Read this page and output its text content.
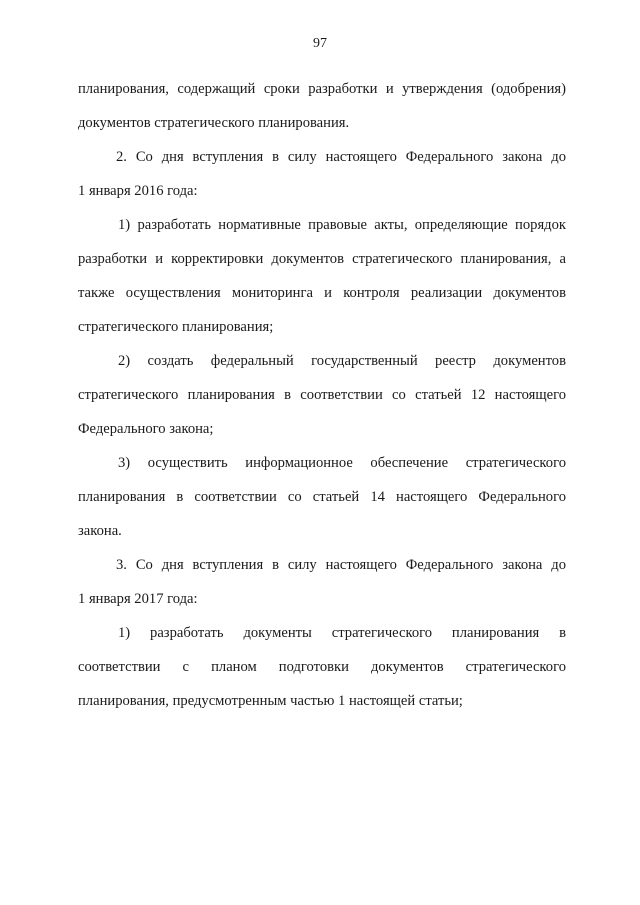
97
планирования, содержащий сроки разработки и утверждения (одобрения)
документов стратегического планирования.
2. Со дня вступления в силу настоящего Федерального закона до
1 января 2016 года:
1) разработать нормативные правовые акты, определяющие порядок
разработки и корректировки документов стратегического планирования, а
также осуществления мониторинга и контроля реализации документов
стратегического планирования;
2) создать федеральный государственный реестр документов
стратегического планирования в соответствии со статьей 12 настоящего
Федерального закона;
3) осуществить информационное обеспечение стратегического
планирования в соответствии со статьей 14 настоящего Федерального
закона.
3. Со дня вступления в силу настоящего Федерального закона до
1 января 2017 года:
1) разработать документы стратегического планирования в
соответствии с планом подготовки документов стратегического
планирования, предусмотренным частью 1 настоящей статьи;
